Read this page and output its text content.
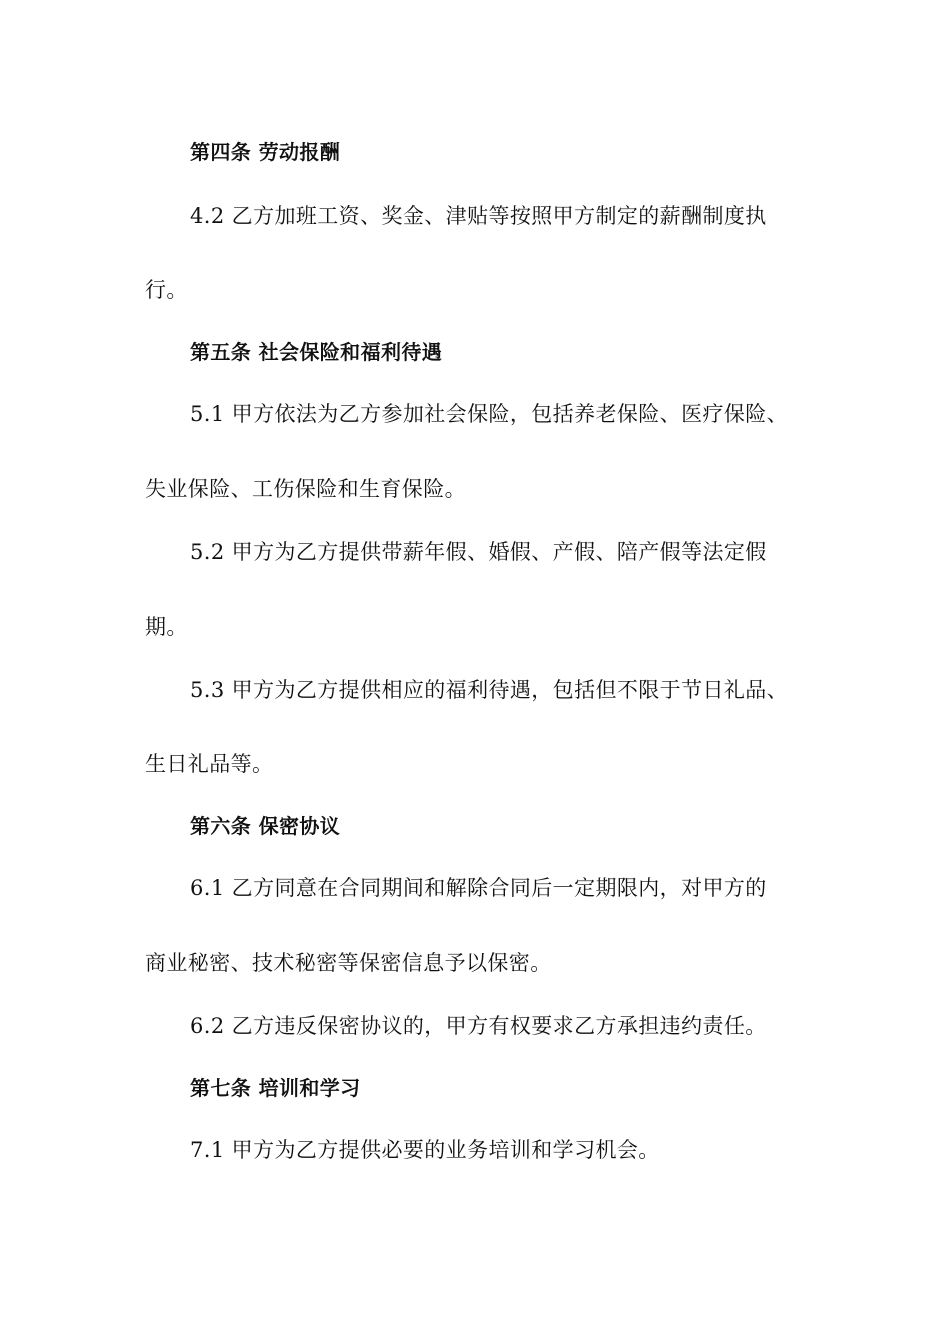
第四条 劳动报酬
4.2 乙方加班工资、奖金、津贴等按照甲方制定的薪酬制度执
行。
第五条 社会保险和福利待遇
5.1 甲方依法为乙方参加社会保险，包括养老保险、医疗保险、
失业保险、工伤保险和生育保险。
5.2 甲方为乙方提供带薪年假、婚假、产假、陪产假等法定假
期。
5.3 甲方为乙方提供相应的福利待遇，包括但不限于节日礼品、
生日礼品等。
第六条 保密协议
6.1 乙方同意在合同期间和解除合同后一定期限内，对甲方的
商业秘密、技术秘密等保密信息予以保密。
6.2 乙方违反保密协议的，甲方有权要求乙方承担违约责任。
第七条 培训和学习
7.1 甲方为乙方提供必要的业务培训和学习机会。
